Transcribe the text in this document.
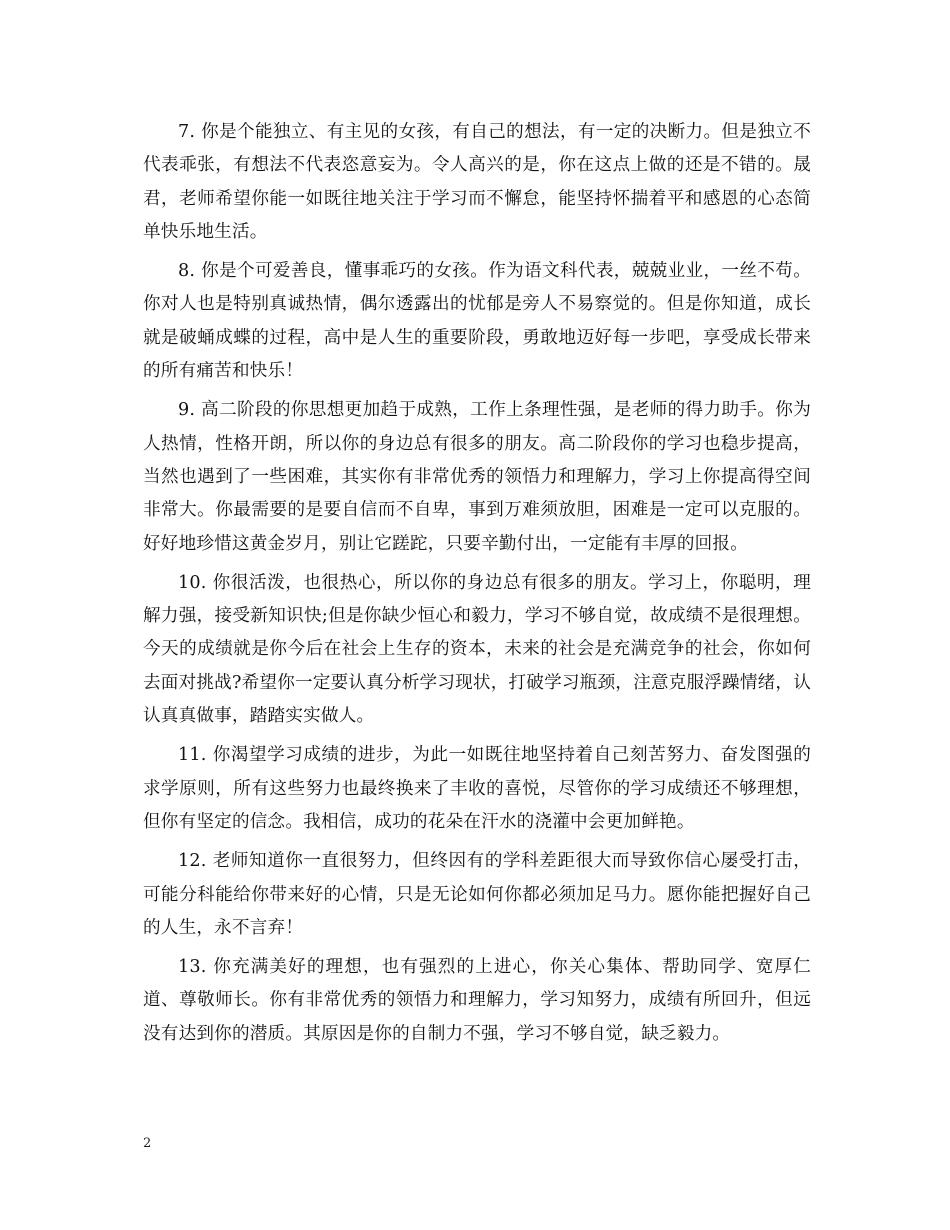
7. 你是个能独立、有主见的女孩，有自己的想法，有一定的决断力。但是独立不代表乖张，有想法不代表恣意妄为。令人高兴的是，你在这点上做的还是不错的。晟君，老师希望你能一如既往地关注于学习而不懈怠，能坚持怀揣着平和感恩的心态简单快乐地生活。

8. 你是个可爱善良，懂事乖巧的女孩。作为语文科代表，兢兢业业，一丝不苟。你对人也是特别真诚热情，偶尔透露出的忧郁是旁人不易察觉的。但是你知道，成长就是破蛹成蝶的过程，高中是人生的重要阶段，勇敢地迈好每一步吧，享受成长带来的所有痛苦和快乐！

9. 高二阶段的你思想更加趋于成熟，工作上条理性强，是老师的得力助手。你为人热情，性格开朗，所以你的身边总有很多的朋友。高二阶段你的学习也稳步提高，当然也遇到了一些困难，其实你有非常优秀的领悟力和理解力，学习上你提高得空间非常大。你最需要的是要自信而不自卑，事到万难须放胆，困难是一定可以克服的。好好地珍惜这黄金岁月，别让它蹉跎，只要辛勤付出，一定能有丰厚的回报。

10. 你很活泼，也很热心，所以你的身边总有很多的朋友。学习上，你聪明，理解力强，接受新知识快;但是你缺少恒心和毅力，学习不够自觉，故成绩不是很理想。今天的成绩就是你今后在社会上生存的资本，未来的社会是充满竞争的社会，你如何去面对挑战?希望你一定要认真分析学习现状，打破学习瓶颈，注意克服浮躁情绪，认认真真做事，踏踏实实做人。

11. 你渴望学习成绩的进步，为此一如既往地坚持着自己刻苦努力、奋发图强的求学原则，所有这些努力也最终换来了丰收的喜悦，尽管你的学习成绩还不够理想，但你有坚定的信念。我相信，成功的花朵在汗水的浇灌中会更加鲜艳。

12. 老师知道你一直很努力，但终因有的学科差距很大而导致你信心屡受打击，可能分科能给你带来好的心情，只是无论如何你都必须加足马力。愿你能把握好自己的人生，永不言弃！

13. 你充满美好的理想，也有强烈的上进心，你关心集体、帮助同学、宽厚仁道、尊敬师长。你有非常优秀的领悟力和理解力，学习知努力，成绩有所回升，但远没有达到你的潜质。其原因是你的自制力不强，学习不够自觉，缺乏毅力。

2
